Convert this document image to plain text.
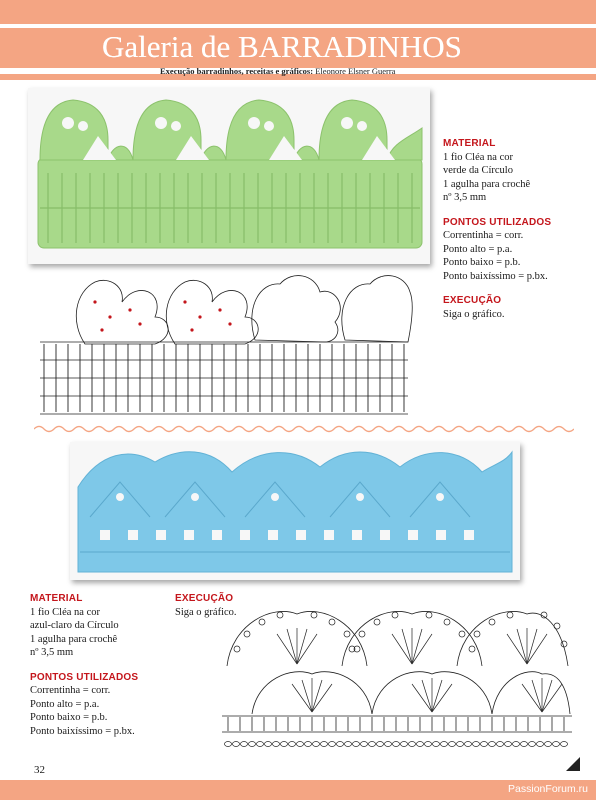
Galeria de BARRADINHOS
Execução barradinhos, receitas e gráficos: Eleonore Elsner Guerra
MATERIAL
1 fio Cléa na cor
verde da Círculo
1 agulha para crochê
nº 3,5 mm
PONTOS UTILIZADOS
Correntinha = corr.
Ponto alto = p.a.
Ponto baixo = p.b.
Ponto baixíssimo = p.bx.
EXECUÇÃO
Siga o gráfico.
MATERIAL
1 fio Cléa na cor
azul-claro da Círculo
1 agulha para crochê
nº 3,5 mm
PONTOS UTILIZADOS
Correntinha = corr.
Ponto alto = p.a.
Ponto baixo = p.b.
Ponto baixíssimo = p.bx.
EXECUÇÃO
Siga o gráfico.
32
PassionForum.ru
